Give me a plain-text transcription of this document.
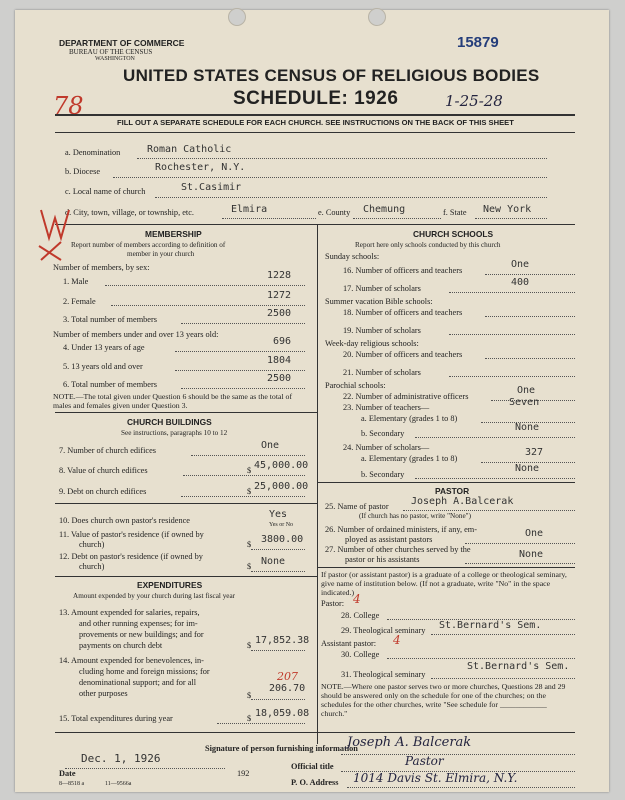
DEPARTMENT OF COMMERCE
BUREAU OF THE CENSUS
WASHINGTON
15879
78
UNITED STATES CENSUS OF RELIGIOUS BODIES
SCHEDULE: 1926	1-25-28
FILL OUT A SEPARATE SCHEDULE FOR EACH CHURCH. SEE INSTRUCTIONS ON THE BACK OF THIS SHEET
a. Denomination	Roman Catholic
b. Diocese	Rochester, N.Y.
c. Local name of church	St.Casimir
d. City, town, village, or township, etc.	Elmira	e. County Chemung	f. State New York
MEMBERSHIP
Report number of members according to definition of
member in your church
Number of members, by sex:
1. Male
1228
2. Female
1272
3. Total number of members
2500
Number of members under and over 13 years old:
4. Under 13 years of age
696
5. 13 years old and over
1804
6. Total number of members
2500
NOTE.—The total given under Question 6 should be the same as the total of males and females given under Question 3.
CHURCH BUILDINGS
See instructions, paragraphs 10 to 12
7. Number of church edifices	One
8. Value of church edifices	$ 45,000.00
9. Debt on church edifices	$ 25,000.00
10. Does church own pastor's residence
Yes
Yes or No
11. Value of pastor's residence (if owned by
church)	$ 3800.00
12. Debt on pastor's residence (if owned by
church)	$ None
EXPENDITURES
Amount expended by your church during last fiscal year
13. Amount expended for salaries, repairs,
and other running expenses; for im-
provements or new buildings; and for
payments on church debt	$ 17,852.38
14. Amount expended for benevolences, in-
cluding home and foreign missions; for
denominational support; and for all
other purposes
207
$
206.70
15. Total expenditures during year	$ 18,059.08
CHURCH SCHOOLS
Report here only schools conducted by this church
Sunday schools:
16. Number of officers and teachers
One
17. Number of scholars
400
Summer vacation Bible schools:
18. Number of officers and teachers
19. Number of scholars
Week-day religious schools:
20. Number of officers and teachers
21. Number of scholars
Parochial schools:
22. Number of administrative officers
One
23. Number of teachers—	Seven
a. Elementary (grades 1 to 8)
b. Secondary
None
24. Number of scholars—
a. Elementary (grades 1 to 8)
327
b. Secondary
None
PASTOR
25. Name of pastor Joseph A.Balcerak
(If church has no pastor, write "None")
26. Number of ordained ministers, if any, em-
ployed as assistant pastors
One
27. Number of other churches served by the
pastor or his assistants	None
If pastor (or assistant pastor) is a graduate of a college or theological seminary, give name of institution below. (If not a graduate, write "No" in the space indicated.)
Pastor: 4
28. College
29. Theological seminary St.Bernard's Sem.
Assistant pastor: 4
30. College
31. Theological seminary
St.Bernard's Sem.
NOTE.—Where one pastor serves two or more churches, Questions 28 and 29 should be answered only on the schedule for one of the churches; on the schedules for the other churches, write "See schedule for ____________ church."
Signature of person furnishing information
Joseph A. Balcerak
Pastor
Official title
Dec. 1, 1926
Date	192
P. O. Address 1014 Davis St. Elmira, N.Y.
8—8518 a	11—9566a
